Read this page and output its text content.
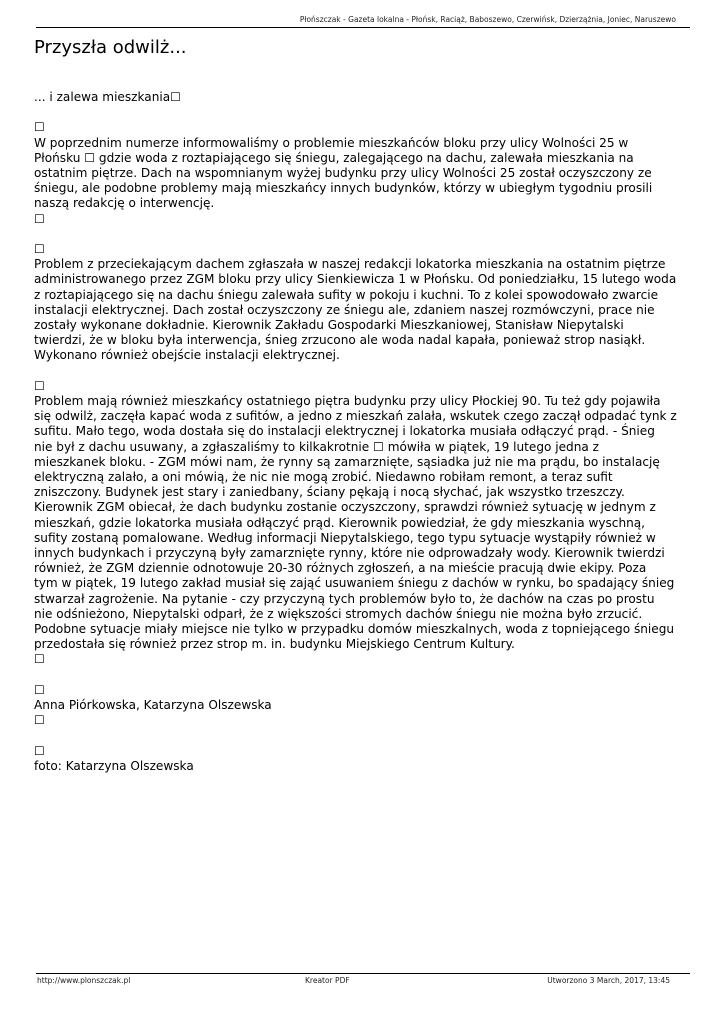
Płońszczak - Gazeta lokalna - Płońsk, Raciąż, Baboszewo, Czerwińsk, Dzierzążnia, Joniec, Naruszewo
Przyszła odwilż...

... i zalewa mieszkania☐

☐

W poprzednim numerze informowaliśmy o problemie mieszkańców bloku przy ulicy Wolności 25 w
Płońsku ☐ gdzie woda z roztapiającego się śniegu, zalegającego na dachu, zalewała mieszkania na
ostatnim piętrze. Dach na wspomnianym wyżej budynku przy ulicy Wolności 25 został oczyszczony ze
śniegu, ale podobne problemy mają mieszkańcy innych budynków, którzy w ubiegłym tygodniu prosili
naszą redakcję o interwencję.

☐

☐

Problem z przeciekającym dachem zgłaszała w naszej redakcji lokatorka mieszkania na ostatnim piętrze
administrowanego przez ZGM bloku przy ulicy Sienkiewicza 1 w Płońsku. Od poniedziałku, 15 lutego woda
z roztapiającego się na dachu śniegu zalewała sufity w pokoju i kuchni. To z kolei spowodowało zwarcie
instalacji elektrycznej. Dach został oczyszczony ze śniegu ale, zdaniem naszej rozmówczyni, prace nie
zostały wykonane dokładnie. Kierownik Zakładu Gospodarki Mieszkaniowej, Stanisław Niepytalski
twierdzi, że w bloku była interwencja, śnieg zrzucono ale woda nadal kapała, ponieważ strop nasiąkł.
Wykonano również obejście instalacji elektrycznej.

☐

Problem mają również mieszkańcy ostatniego piętra budynku przy ulicy Płockiej 90. Tu też gdy pojawiła
się odwilż, zaczęła kapać woda z sufitów, a jedno z mieszkań zalała, wskutek czego zaczął odpadać tynk z
sufitu. Mało tego, woda dostała się do instalacji elektrycznej i lokatorka musiała odłączyć prąd. - Śnieg
nie był z dachu usuwany, a zgłaszaliśmy to kilkakrotnie ☐ mówiła w piątek, 19 lutego jedna z
mieszkanek bloku. - ZGM mówi nam, że rynny są zamarznięte, sąsiadka już nie ma prądu, bo instalację
elektryczną zalało, a oni mówią, że nic nie mogą zrobić. Niedawno robiłam remont, a teraz sufit
zniszczony. Budynek jest stary i zaniedbany, ściany pękają i nocą słychać, jak wszystko trzeszczy.
Kierownik ZGM obiecał, że dach budynku zostanie oczyszczony, sprawdzi również sytuację w jednym z
mieszkań, gdzie lokatorka musiała odłączyć prąd. Kierownik powiedział, że gdy mieszkania wyschną,
sufity zostaną pomalowane. Według informacji Niepytalskiego, tego typu sytuacje wystąpiły również w
innych budynkach i przyczyną były zamarznięte rynny, które nie odprowadzały wody. Kierownik twierdzi
również, że ZGM dziennie odnotowuje 20-30 różnych zgłoszeń, a na mieście pracują dwie ekipy. Poza
tym w piątek, 19 lutego zakład musiał się zająć usuwaniem śniegu z dachów w rynku, bo spadający śnieg
stwarzał zagrożenie. Na pytanie - czy przyczyną tych problemów było to, że dachów na czas po prostu
nie odśnieżono, Niepytalski odparł, że z większości stromych dachów śniegu nie można było zrzucić.
Podobne sytuacje miały miejsce nie tylko w przypadku domów mieszkalnych, woda z topniejącego śniegu
przedostała się również przez strop m. in. budynku Miejskiego Centrum Kultury.

☐

☐

Anna Piórkowska, Katarzyna Olszewska

☐

☐

foto: Katarzyna Olszewska

http://www.plonszczak.pl	Kreator PDF	Utworzono 3 March, 2017, 13:45
